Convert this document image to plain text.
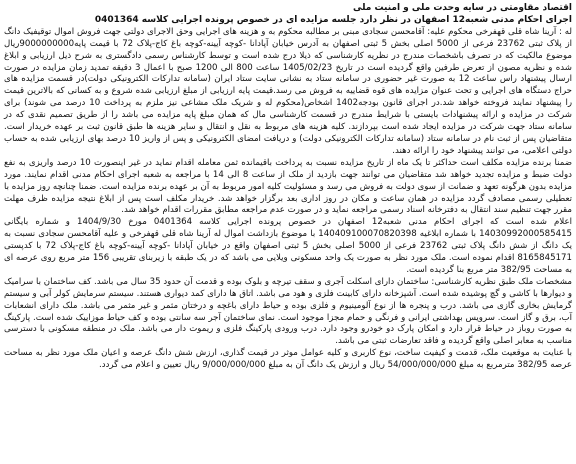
اقتصاد مقاومتی در سایه وحدت ملی و امنیت ملی

اجرای احکام مدنی شعبه12 اصفهان در نظر دارد جلسه مزایده ای در خصوص پرونده اجرایی کلاسه 0401364

له : آرینا شاه قلی قهفرخی محکوم علیه: آقامحسن سجادی مبنی بر مطالبه محکوم به و هزینه های اجرایی وحق الاجرای دولتی جهت فروش اموال توقیفیک دانگ از پلاک ثبتی 23762 فرعی از 5000 اصلی بخش 5 ثبتی اصفهان به آدرس خیابان آپادانا -کوچه آیینه-کوچه باغ کاج-پلاک 72 با قیمت پایه9000000000ریال موضوع مالکیت که در تصرف باشخصات مندرج در نظریه کارشناسی که ذیلا درج شده است و توسط کارشناس رسمی دادگستری به شرح ذیل ارزیابی و ابلاغ شده و نظریه مصون از تعرض طرفین واقع گردیده است در تاریخ 1405/02/23 ساعت 800 الی 1200 صبح با اعمال 3 دقیقه تمدید زمان مزایده در صورت ارسال پیشنهاد راس ساعت 12 به صورت غیر حضوری در سامانه ستاد به نشانی سایت ستاد ایران (سامانه تدارکات الکترونیکی دولت)در قسمت مزایده های حراج دستگاه های اجرایی و تحت عنوان مزایده های قوه قضاییه به فروش می رسد.قیمت پایه ارزیابی از مبلغ ارزیابی شده شروع و به کسانی که بالاترین قیمت را پیشنهاد نمایند فروخته خواهد شد.در اجرای قانون بودجه1402 اشخاص(محکوم له و شریک ملک مشاعی نیز ملزم به پرداخت 10 درصد می شوند) برای شرکت در مزایده و ارائه پیشنهادات بایستی با شرایط مندرج در قسمت کارشناسی مال که همان مبلغ پایه مزایده می باشد را از طریق تصمیم نقدی که در سامانه ستاد جهت شرکت در مزایده ایجاد شده است بپردازند. کلیه هزینه های مربوط به نقل و انتقال و سایر هزینه ها طبق قانون ثبت بر عهده خریدار است. متقاضیان پس از ثبت نام در سامانه ستاد (سامانه تدارکات الکترونیکی دولت) و دریافت امضای الکترونیکی و پس از واریز 10 درصد بهای ارزیابی شده به حساب دولتی اعلامی، می توانند پیشنهاد خود را ارائه دهند.

ضمنا برنده مزایده مکلف است حداکثر تا یک ماه از تاریخ مزایده نسبت به پرداخت باقیمانده ثمن معامله اقدام نماید در غیر اینصورت 10 درصد واریزی به نفع دولت ضبط و مزایده تجدید خواهد شد متقاضیان می توانند جهت بازدید از ملک از ساعت 8 الی 14 با مراجعه به شعبه اجرای احکام مدنی اقدام نمایند. مورد مزایده بدون هرگونه تعهد و ضمانت از سوی دولت به فروش می رسد و مسئولیت کلیه امور مربوط به آن بر عهده برنده مزایده است. ضمنا چنانچه روز مزایده با تعطیلی رسمی مصادف گردد مزایده در همان ساعت و مکان در روز اداری بعد برگزار خواهد شد. خریدار مکلف است پس از ابلاغ نتیجه مزایده ظرف مهلت مقرر جهت تنظیم سند انتقال به دفترخانه اسناد رسمی مراجعه نماید و در صورت عدم مراجعه مطابق مقررات اقدام خواهد شد.

اعلام شده است که اجرای احکام مدنی شعبه12 اصفهان در خصوص پرونده اجرایی کلاسه 0401364 مورخ 1404/9/30 و شماره بایگانی 14030992000585415 با شماره ابلاغیه 140409100070820398 با موضوع بازداشت اموال له آرینا شاه قلی قهفرخی و علیه آقامحسن سجادی نسبت به یک دانگ از شش دانگ پلاک ثبتی 23762 فرعی از 5000 اصلی بخش 5 ثبتی اصفهان واقع در خیابان آپادانا -کوچه آیینه-کوچه باغ کاج-پلاک 72 با کدپستی 8165845171 اقدام نموده است. ملک مورد نظر به صورت یک واحد مسکونی ویلایی می باشد که در یک طبقه با زیربنای تقریبی 156 متر مربع روی عرصه ای به مساحت 382/95 متر مربع بنا گردیده است.

مشخصات ملک طبق نظریه کارشناسی: ساختمان دارای اسکلت آجری و سقف تیرچه و بلوک بوده و قدمت آن حدود 35 سال می باشد. کف ساختمان با سرامیک و دیوارها با کاشی و گچ پوشیده شده است. آشپزخانه دارای کابینت فلزی و هود می باشد. اتاق ها دارای کمد دیواری هستند. سیستم سرمایش کولر آبی و سیستم گرمایش بخاری گازی می باشد. درب و پنجره ها از نوع آلومینیوم و فلزی بوده و حیاط دارای باغچه و درختان مثمر و غیر مثمر می باشد. ملک دارای انشعابات آب، برق و گاز است. سرویس بهداشتی ایرانی و فرنگی و حمام مجزا موجود است. نمای ساختمان آجر سه سانتی بوده و کف حیاط موزاییک شده است. پارکینگ به صورت روباز در حیاط قرار دارد و امکان پارک دو خودرو وجود دارد. درب ورودی پارکینگ فلزی و ریموت دار می باشد. ملک در منطقه مسکونی با دسترسی مناسب به معابر اصلی واقع گردیده و فاقد تعارضات ثبتی می باشد.

با عنایت به موقعیت ملک، قدمت و کیفیت ساخت، نوع کاربری و کلیه عوامل موثر در قیمت گذاری، ارزش شش دانگ عرصه و اعیان ملک مورد نظر به مساحت عرصه 382/95 مترمربع به مبلغ 54/000/000/000 ریال و ارزش یک دانگ آن به مبلغ 9/000/000/000 ریال تعیین و اعلام می گردد.
